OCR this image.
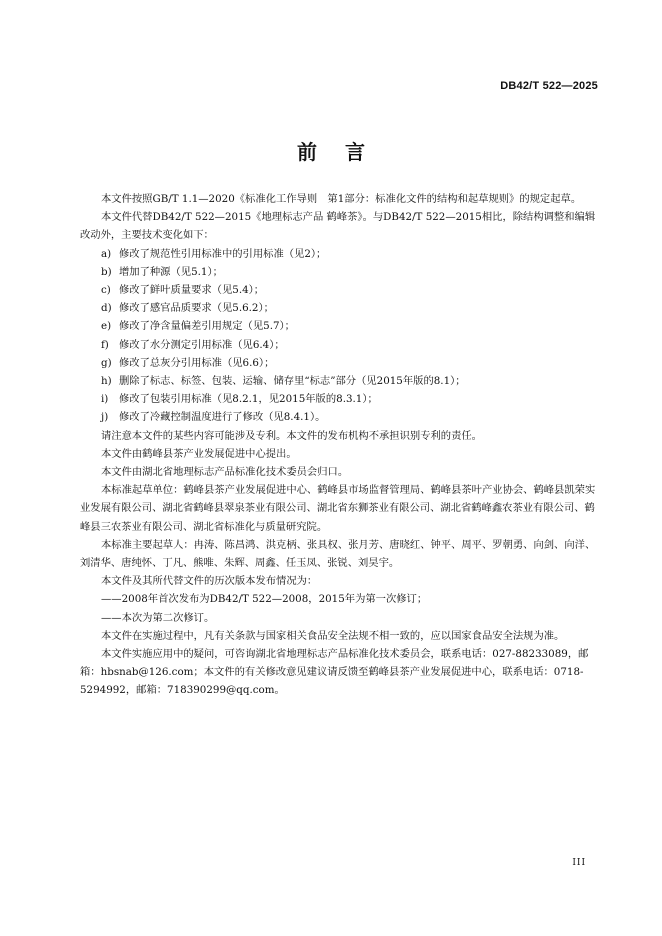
DB42/T 522—2025
前言

本文件按照GB/T 1.1—2020《标准化工作导则　第1部分：标准化文件的结构和起草规则》的规定起草。

本文件代替DB42/T 522—2015《地理标志产品 鹤峰茶》。与DB42/T 522—2015相比，除结构调整和编辑改动外，主要技术变化如下：

a) 修改了规范性引用标准中的引用标准（见2）；

b) 增加了种源（见5.1）；

c) 修改了鲜叶质量要求（见5.4）；

d) 修改了感官品质要求（见5.6.2）；

e) 修改了净含量偏差引用规定（见5.7）；

f) 修改了水分测定引用标准（见6.4）；

g) 修改了总灰分引用标准（见6.6）；

h) 删除了标志、标签、包装、运输、储存里“标志”部分（见2015年版的8.1）；

i) 修改了包装引用标准（见8.2.1，见2015年版的8.3.1）；

j) 修改了冷藏控制温度进行了修改（见8.4.1）。

请注意本文件的某些内容可能涉及专利。本文件的发布机构不承担识别专利的责任。

本文件由鹤峰县茶产业发展促进中心提出。

本文件由湖北省地理标志产品标准化技术委员会归口。

本标准起草单位：鹤峰县茶产业发展促进中心、鹤峰县市场监督管理局、鹤峰县茶叶产业协会、鹤峰县凯荣实业发展有限公司、湖北省鹤峰县翠泉茶业有限公司、湖北省东狮茶业有限公司、湖北省鹤峰鑫农茶业有限公司、鹤峰县三农茶业有限公司、湖北省标准化与质量研究院。

本标准主要起草人：冉涛、陈昌鸿、洪克柄、张具权、张月芳、唐晓红、钟平、周平、罗朝勇、向剑、向洋、刘清华、唐纯怀、丁凡、熊唯、朱辉、周鑫、任玉凤、张锐、刘昊宇。

本文件及其所代替文件的历次版本发布情况为：

——2008年首次发布为DB42/T 522—2008，2015年为第一次修订；

——本次为第二次修订。

本文件在实施过程中，凡有关条款与国家相关食品安全法规不相一致的，应以国家食品安全法规为准。

本文件实施应用中的疑问，可咨询湖北省地理标志产品标准化技术委员会，联系电话：027-88233089，邮箱：hbsnab@126.com；本文件的有关修改意见建议请反馈至鹤峰县茶产业发展促进中心，联系电话：0718-5294992，邮箱：718390299@qq.com。

III
